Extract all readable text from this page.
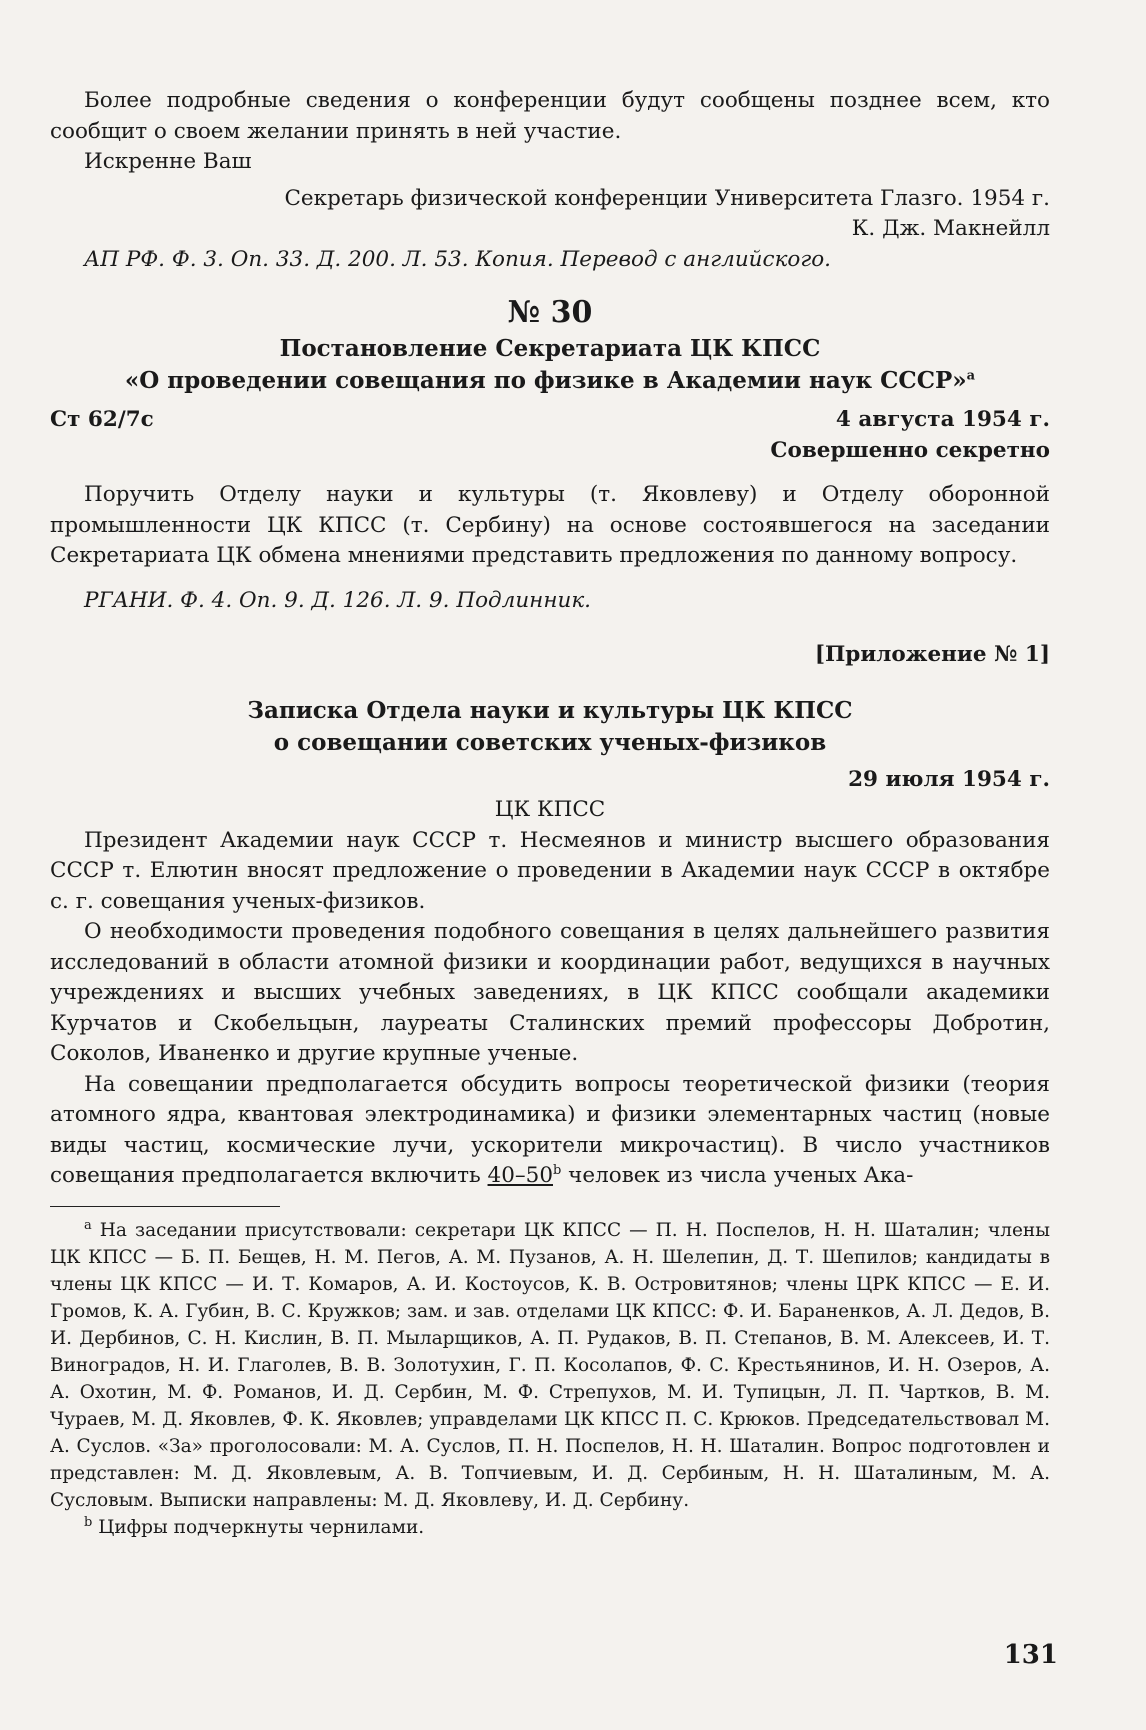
Более подробные сведения о конференции будут сообщены позднее всем, кто сообщит о своем желании принять в ней участие.

Искренне Ваш

Секретарь физической конференции Университета Глазго. 1954 г.

К. Дж. Макнейлл

АП РФ. Ф. 3. Оп. 33. Д. 200. Л. 53. Копия. Перевод с английского.

№ 30
Постановление Секретариата ЦК КПСС
«О проведении совещания по физике в Академии наук СССР»$^a$
Ст 62/7с	4 августа 1954 г.

Совершенно секретно

Поручить Отделу науки и культуры (т. Яковлеву) и Отделу оборонной промышленности ЦК КПСС (т. Сербину) на основе состоявшегося на заседании Секретариата ЦК обмена мнениями представить предложения по данному вопросу.

РГАНИ. Ф. 4. Оп. 9. Д. 126. Л. 9. Подлинник.

[Приложение № 1]

Записка Отдела науки и культуры ЦК КПСС
о совещании советских ученых-физиков

29 июля 1954 г.

ЦК КПСС

Президент Академии наук СССР т. Несмеянов и министр высшего образования СССР т. Елютин вносят предложение о проведении в Академии наук СССР в октябре с. г. совещания ученых-физиков.

О необходимости проведения подобного совещания в целях дальнейшего развития исследований в области атомной физики и координации работ, ведущихся в научных учреждениях и высших учебных заведениях, в ЦК КПСС сообщали академики Курчатов и Скобельцын, лауреаты Сталинских премий профессоры Добротин, Соколов, Иваненко и другие крупные ученые.

На совещании предполагается обсудить вопросы теоретической физики (теория атомного ядра, квантовая электродинамика) и физики элементарных частиц (новые виды частиц, космические лучи, ускорители микрочастиц). В число участников совещания предполагается включить 40–50$^b$ человек из числа ученых Ака-

$^a$ На заседании присутствовали: секретари ЦК КПСС — П. Н. Поспелов, Н. Н. Шаталин; члены ЦК КПСС — Б. П. Бещев, Н. М. Пегов, А. М. Пузанов, А. Н. Шелепин, Д. Т. Шепилов; кандидаты в члены ЦК КПСС — И. Т. Комаров, А. И. Костоусов, К. В. Островитянов; члены ЦРК КПСС — Е. И. Громов, К. А. Губин, В. С. Кружков; зам. и зав. отделами ЦК КПСС: Ф. И. Бараненков, А. Л. Дедов, В. И. Дербинов, С. Н. Кислин, В. П. Мыларщиков, А. П. Рудаков, В. П. Степанов, В. М. Алексеев, И. Т. Виноградов, Н. И. Глаголев, В. В. Золотухин, Г. П. Косолапов, Ф. С. Крестьянинов, И. Н. Озеров, А. А. Охотин, М. Ф. Романов, И. Д. Сербин, М. Ф. Стрепухов, М. И. Тупицын, Л. П. Чартков, В. М. Чураев, М. Д. Яковлев, Ф. К. Яковлев; управделами ЦК КПСС П. С. Крюков. Председательствовал М. А. Суслов. «За» проголосовали: М. А. Суслов, П. Н. Поспелов, Н. Н. Шаталин. Вопрос подготовлен и представлен: М. Д. Яковлевым, А. В. Топчиевым, И. Д. Сербиным, Н. Н. Шаталиным, М. А. Сусловым. Выписки направлены: М. Д. Яковлеву, И. Д. Сербину.

$^b$ Цифры подчеркнуты чернилами.

131
